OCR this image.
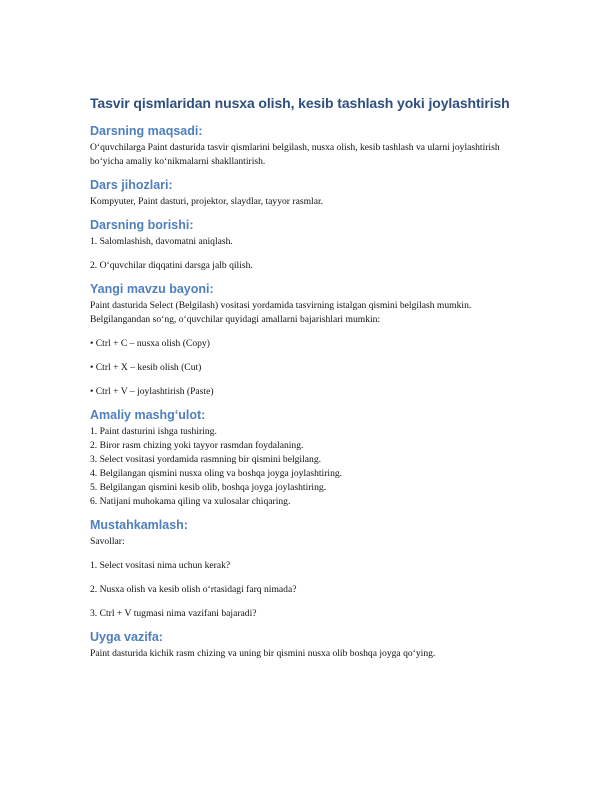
Tasvir qismlaridan nusxa olish, kesib tashlash yoki joylashtirish
Darsning maqsadi:

O‘quvchilarga Paint dasturida tasvir qismlarini belgilash, nusxa olish, kesib tashlash va ularni joylashtirish bo‘yicha amaliy ko‘nikmalarni shakllantirish.

Dars jihozlari:

Kompyuter, Paint dasturi, projektor, slaydlar, tayyor rasmlar.

Darsning borishi:

1. Salomlashish, davomatni aniqlash.

2. O‘quvchilar diqqatini darsga jalb qilish.

Yangi mavzu bayoni:

Paint dasturida Select (Belgilash) vositasi yordamida tasvirning istalgan qismini belgilash mumkin. Belgilangandan so‘ng, o‘quvchilar quyidagi amallarni bajarishlari mumkin:

• Ctrl + C – nusxa olish (Copy)

• Ctrl + X – kesib olish (Cut)

• Ctrl + V – joylashtirish (Paste)

Amaliy mashg‘ulot:
1. Paint dasturini ishga tushiring.
2. Biror rasm chizing yoki tayyor rasmdan foydalaning.
3. Select vositasi yordamida rasmning bir qismini belgilang.
4. Belgilangan qismini nusxa oling va boshqa joyga joylashtiring.
5. Belgilangan qismini kesib olib, boshqa joyga joylashtiring.
6. Natijani muhokama qiling va xulosalar chiqaring.
Mustahkamlash:

Savollar:

1. Select vositasi nima uchun kerak?

2. Nusxa olish va kesib olish o‘rtasidagi farq nimada?

3. Ctrl + V tugmasi nima vazifani bajaradi?

Uyga vazifa:

Paint dasturida kichik rasm chizing va uning bir qismini nusxa olib boshqa joyga qo‘ying.
